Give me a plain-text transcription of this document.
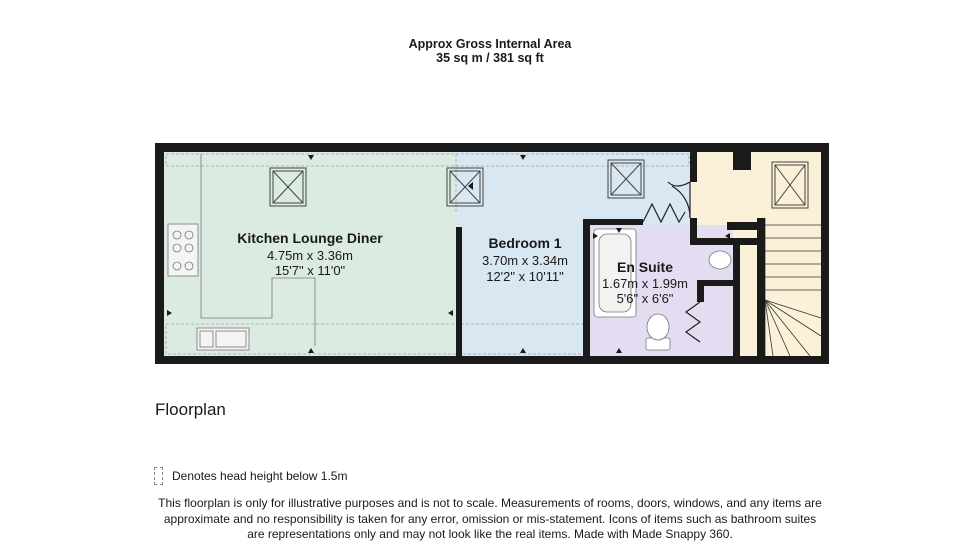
Approx Gross Internal Area
35 sq m / 381 sq ft
Kitchen Lounge Diner
4.75m x 3.36m
15'7" x 11'0"
Bedroom 1
3.70m x 3.34m
12'2" x 10'11"
En Suite
1.67m x 1.99m
5'6" x 6'6"
Floorplan
Denotes head height below 1.5m
This floorplan is only for illustrative purposes and is not to scale. Measurements of rooms, doors, windows, and any items are
approximate and no responsibility is taken for any error, omission or mis-statement. Icons of items such as bathroom suites
are representations only and may not look like the real items. Made with Made Snappy 360.
